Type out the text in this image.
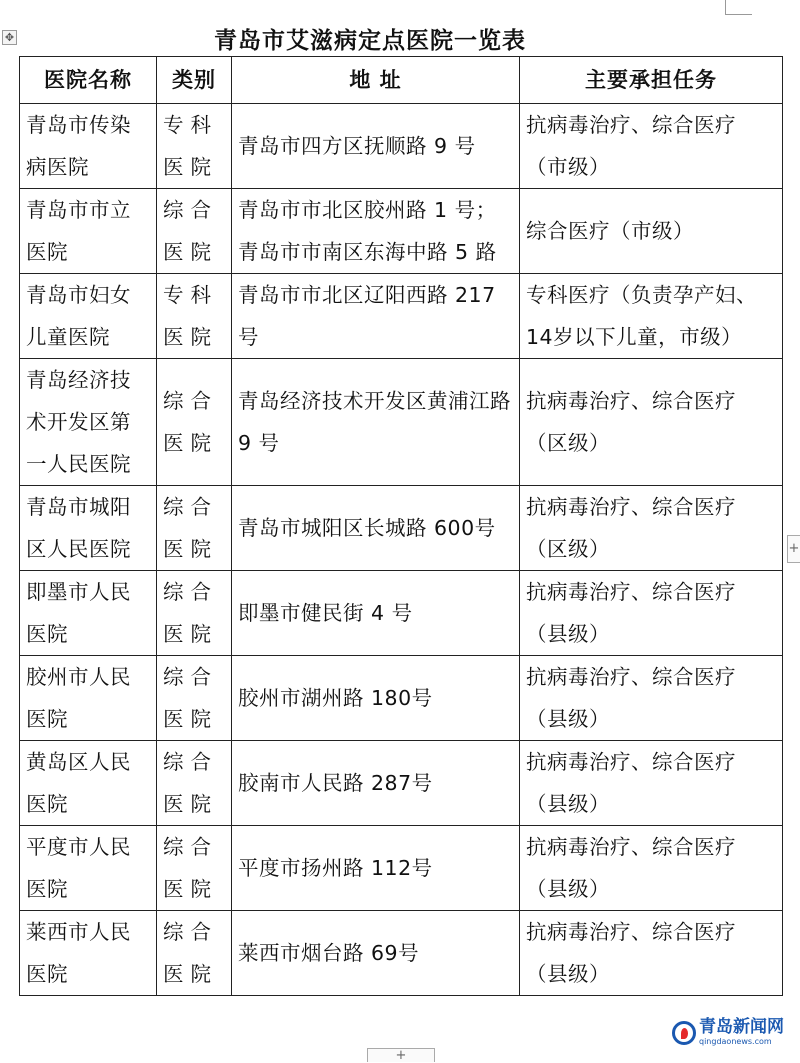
✥	青岛市艾滋病定点医院一览表
医院名称	类别	地 址	主要承担任务
青岛市传染病医院	专科医院	青岛市四方区抚顺路 9 号	抗病毒治疗、综合医疗（市级）
青岛市市立医院	综合医院	青岛市市北区胶州路 1 号；青岛市市南区东海中路 5 路	综合医疗（市级）
青岛市妇女儿童医院	专科医院	青岛市市北区辽阳西路 217号	专科医疗（负责孕产妇、14岁以下儿童，市级）
青岛经济技术开发区第一人民医院	综合医院	青岛经济技术开发区黄浦江路 9 号	抗病毒治疗、综合医疗（区级）
青岛市城阳区人民医院	综合医院	青岛市城阳区长城路 600号	抗病毒治疗、综合医疗（区级）
即墨市人民医院	综合医院	即墨市健民街 4 号	抗病毒治疗、综合医疗（县级）
胶州市人民医院	综合医院	胶州市湖州路 180号	抗病毒治疗、综合医疗（县级）
黄岛区人民医院	综合医院	胶南市人民路 287号	抗病毒治疗、综合医疗（县级）
平度市人民医院	综合医院	平度市扬州路 112号	抗病毒治疗、综合医疗（县级）
莱西市人民医院	综合医院	莱西市烟台路 69号	抗病毒治疗、综合医疗（县级）
+
+
青岛新闻网
qingdaonews.com
